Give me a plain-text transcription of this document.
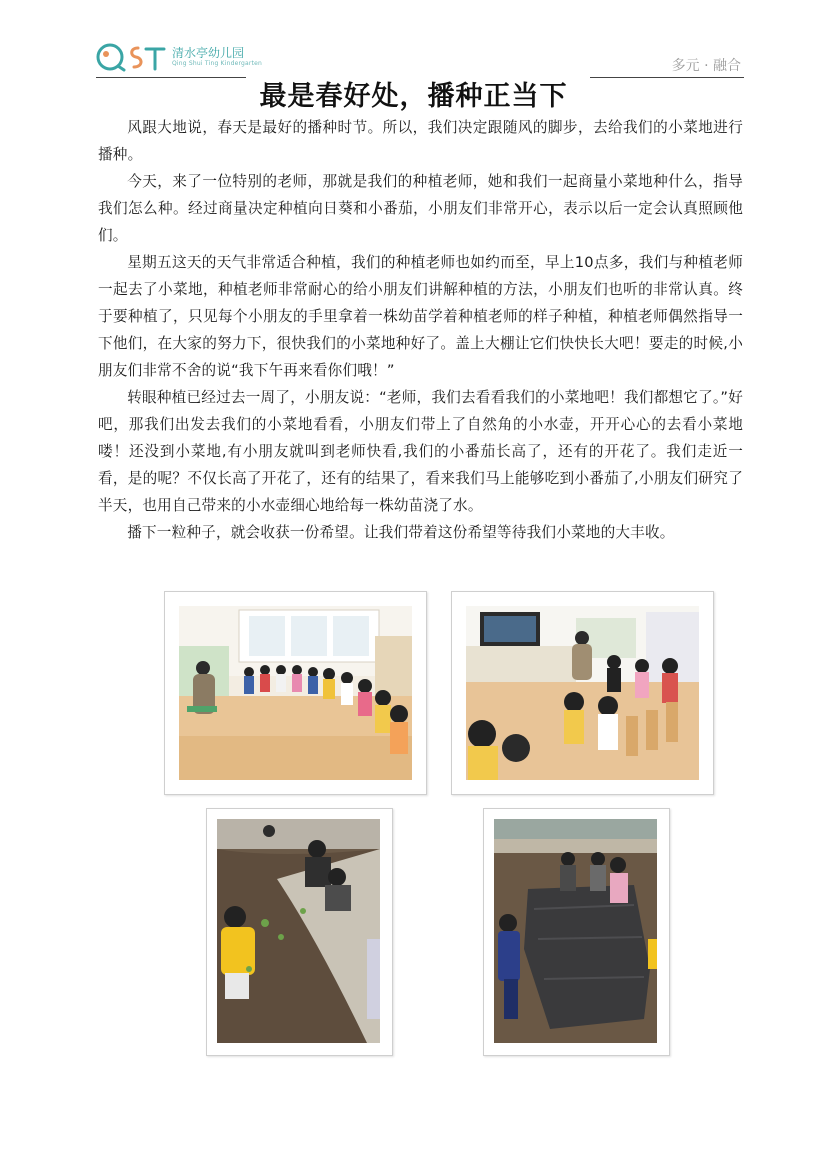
清水亭幼儿园
Qing Shui Ting Kindergarten	多元 · 融合
最是春好处，播种正当下

风跟大地说，春天是最好的播种时节。所以，我们决定跟随风的脚步，去给我们的小菜地进行播种。

今天，来了一位特别的老师，那就是我们的种植老师，她和我们一起商量小菜地种什么，指导我们怎么种。经过商量决定种植向日葵和小番茄，小朋友们非常开心，表示以后一定会认真照顾他们。

星期五这天的天气非常适合种植，我们的种植老师也如约而至，早上10点多，我们与种植老师一起去了小菜地，种植老师非常耐心的给小朋友们讲解种植的方法，小朋友们也听的非常认真。终于要种植了，只见每个小朋友的手里拿着一株幼苗学着种植老师的样子种植，种植老师偶然指导一下他们，在大家的努力下，很快我们的小菜地种好了。盖上大棚让它们快快长大吧！要走的时候,小朋友们非常不舍的说“我下午再来看你们哦！”

转眼种植已经过去一周了，小朋友说：“老师，我们去看看我们的小菜地吧！我们都想它了。”好吧，那我们出发去我们的小菜地看看，小朋友们带上了自然角的小水壶，开开心心的去看小菜地喽！还没到小菜地,有小朋友就叫到老师快看,我们的小番茄长高了，还有的开花了。我们走近一看，是的呢？不仅长高了开花了，还有的结果了，看来我们马上能够吃到小番茄了,小朋友们研究了半天，也用自己带来的小水壶细心地给每一株幼苗浇了水。

播下一粒种子，就会收获一份希望。让我们带着这份希望等待我们小菜地的大丰收。
